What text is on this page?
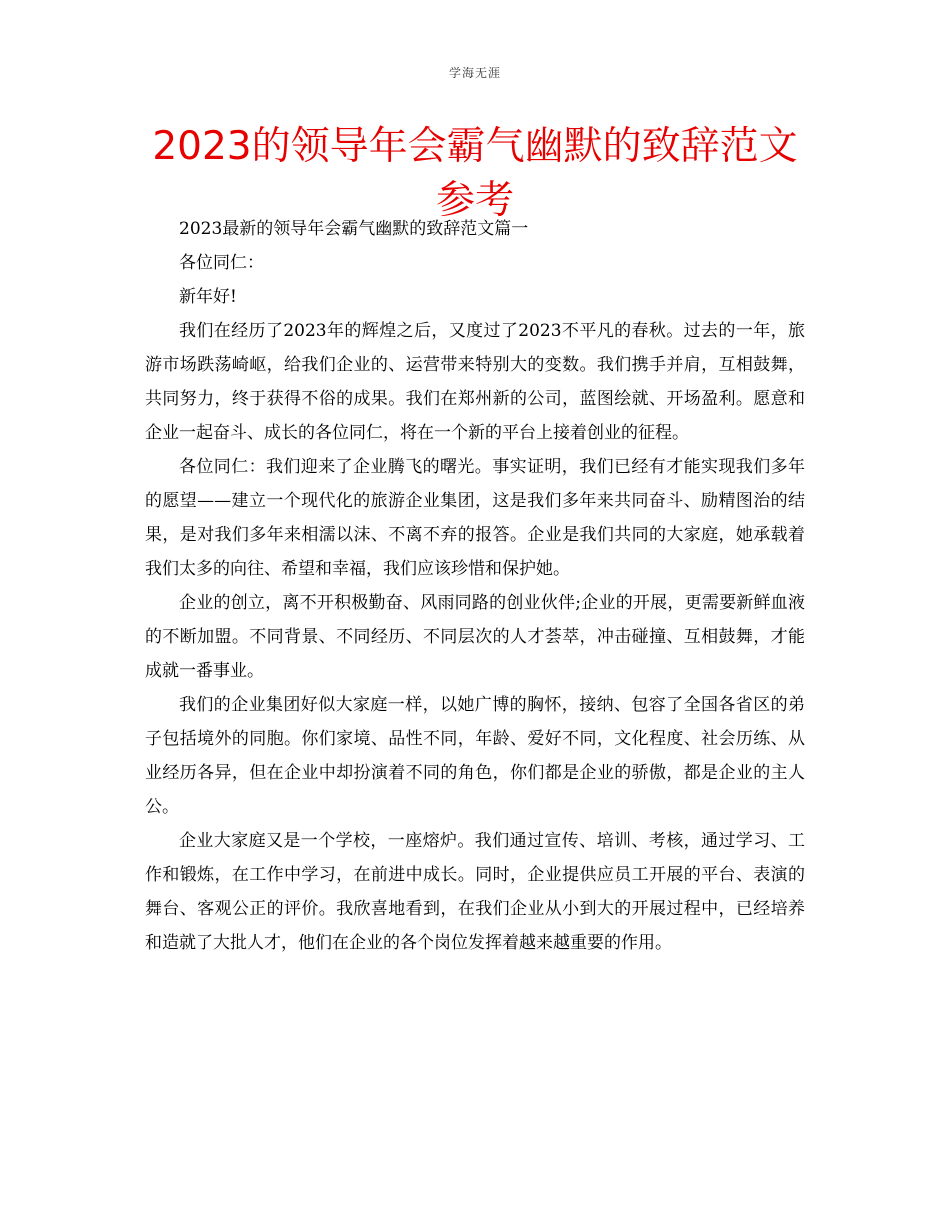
学海无涯
2023的领导年会霸气幽默的致辞范文参考

2023最新的领导年会霸气幽默的致辞范文篇一

各位同仁：

新年好!

我们在经历了2023年的辉煌之后，又度过了2023不平凡的春秋。过去的一年，旅游市场跌荡崎岖，给我们企业的、运营带来特别大的变数。我们携手并肩，互相鼓舞，共同努力，终于获得不俗的成果。我们在郑州新的公司，蓝图绘就、开场盈利。愿意和企业一起奋斗、成长的各位同仁，将在一个新的平台上接着创业的征程。

各位同仁：我们迎来了企业腾飞的曙光。事实证明，我们已经有才能实现我们多年的愿望——建立一个现代化的旅游企业集团，这是我们多年来共同奋斗、励精图治的结果，是对我们多年来相濡以沫、不离不弃的报答。企业是我们共同的大家庭，她承载着我们太多的向往、希望和幸福，我们应该珍惜和保护她。

企业的创立，离不开积极勤奋、风雨同路的创业伙伴;企业的开展，更需要新鲜血液的不断加盟。不同背景、不同经历、不同层次的人才荟萃，冲击碰撞、互相鼓舞，才能成就一番事业。

我们的企业集团好似大家庭一样，以她广博的胸怀，接纳、包容了全国各省区的弟子包括境外的同胞。你们家境、品性不同，年龄、爱好不同，文化程度、社会历练、从业经历各异，但在企业中却扮演着不同的角色，你们都是企业的骄傲，都是企业的主人公。

企业大家庭又是一个学校，一座熔炉。我们通过宣传、培训、考核，通过学习、工作和锻炼，在工作中学习，在前进中成长。同时，企业提供应员工开展的平台、表演的舞台、客观公正的评价。我欣喜地看到，在我们企业从小到大的开展过程中，已经培养和造就了大批人才，他们在企业的各个岗位发挥着越来越重要的作用。
